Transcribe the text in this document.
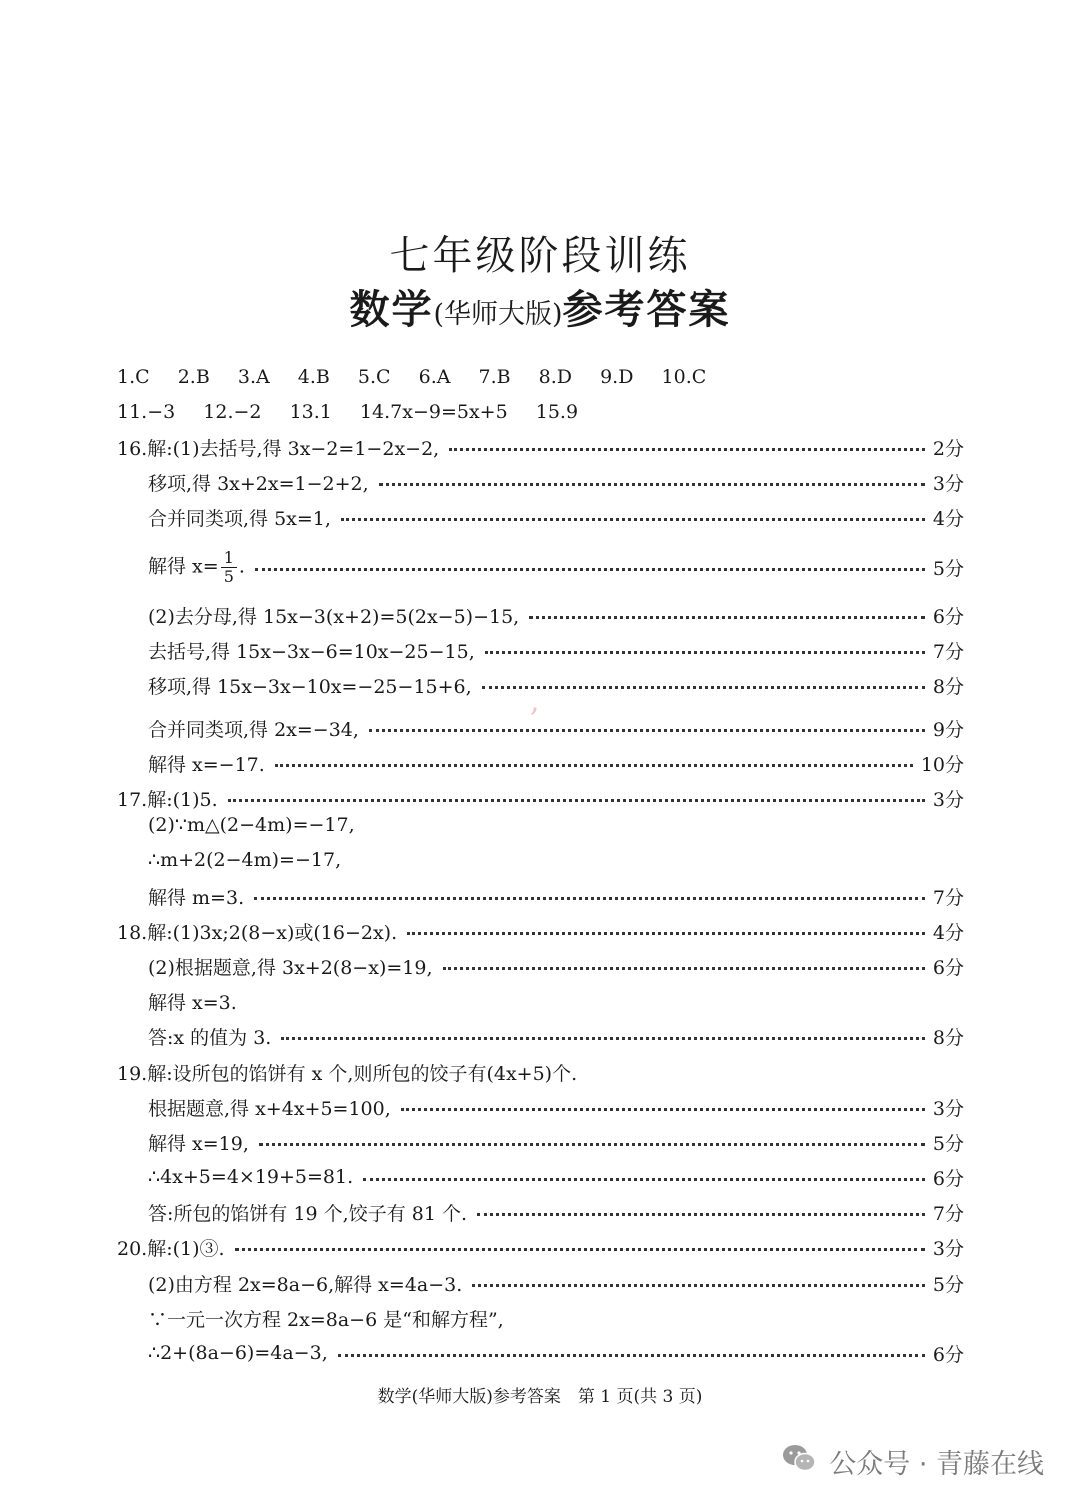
七年级阶段训练
数学(华师大版)参考答案
1.C 2.B 3.A 4.B 5.C 6.A 7.B 8.D 9.D 10.C
11.−3 12.−2 13.1 14.7x−9=5x+5 15.9
16.解:(1)去括号,得 3x−2=1−2x−2,	2分
移项,得 3x+2x=1−2+2,	3分
合并同类项,得 5x=1,	4分
解得 $x= \frac{1}{5}$ .	5分
(2)去分母,得 15x−3(x+2)=5(2x−5)−15,	6分
去括号,得 15x−3x−6=10x−25−15,	7分
移项,得 15x−3x−10x=−25−15+6,	8分
合并同类项,得 2x=−34,	9分
解得 x=−17.	10分
17.解:(1)5.	3分
(2)∵m△(2−4m)=−17,
∴m+2(2−4m)=−17,
解得 m=3.	7分
18.解:(1)3x;2(8−x)或(16−2x).	4分
(2)根据题意,得 3x+2(8−x)=19,	6分
解得 x=3.
答:x 的值为 3.	8分
19.解:设所包的馅饼有 x 个,则所包的饺子有(4x+5)个.
根据题意,得 x+4x+5=100,	3分
解得 x=19,	5分
∴4x+5=4×19+5=81.	6分
答:所包的馅饼有 19 个,饺子有 81 个.	7分
20.解:(1)③.	3分
(2)由方程 2x=8a−6,解得 x=4a−3.	5分
∵一元一次方程 2x=8a−6 是“和解方程”,
∴2+(8a−6)=4a−3,	6分
,
数学(华师大版)参考答案　第 1 页(共 3 页)
公众号 · 青藤在线
